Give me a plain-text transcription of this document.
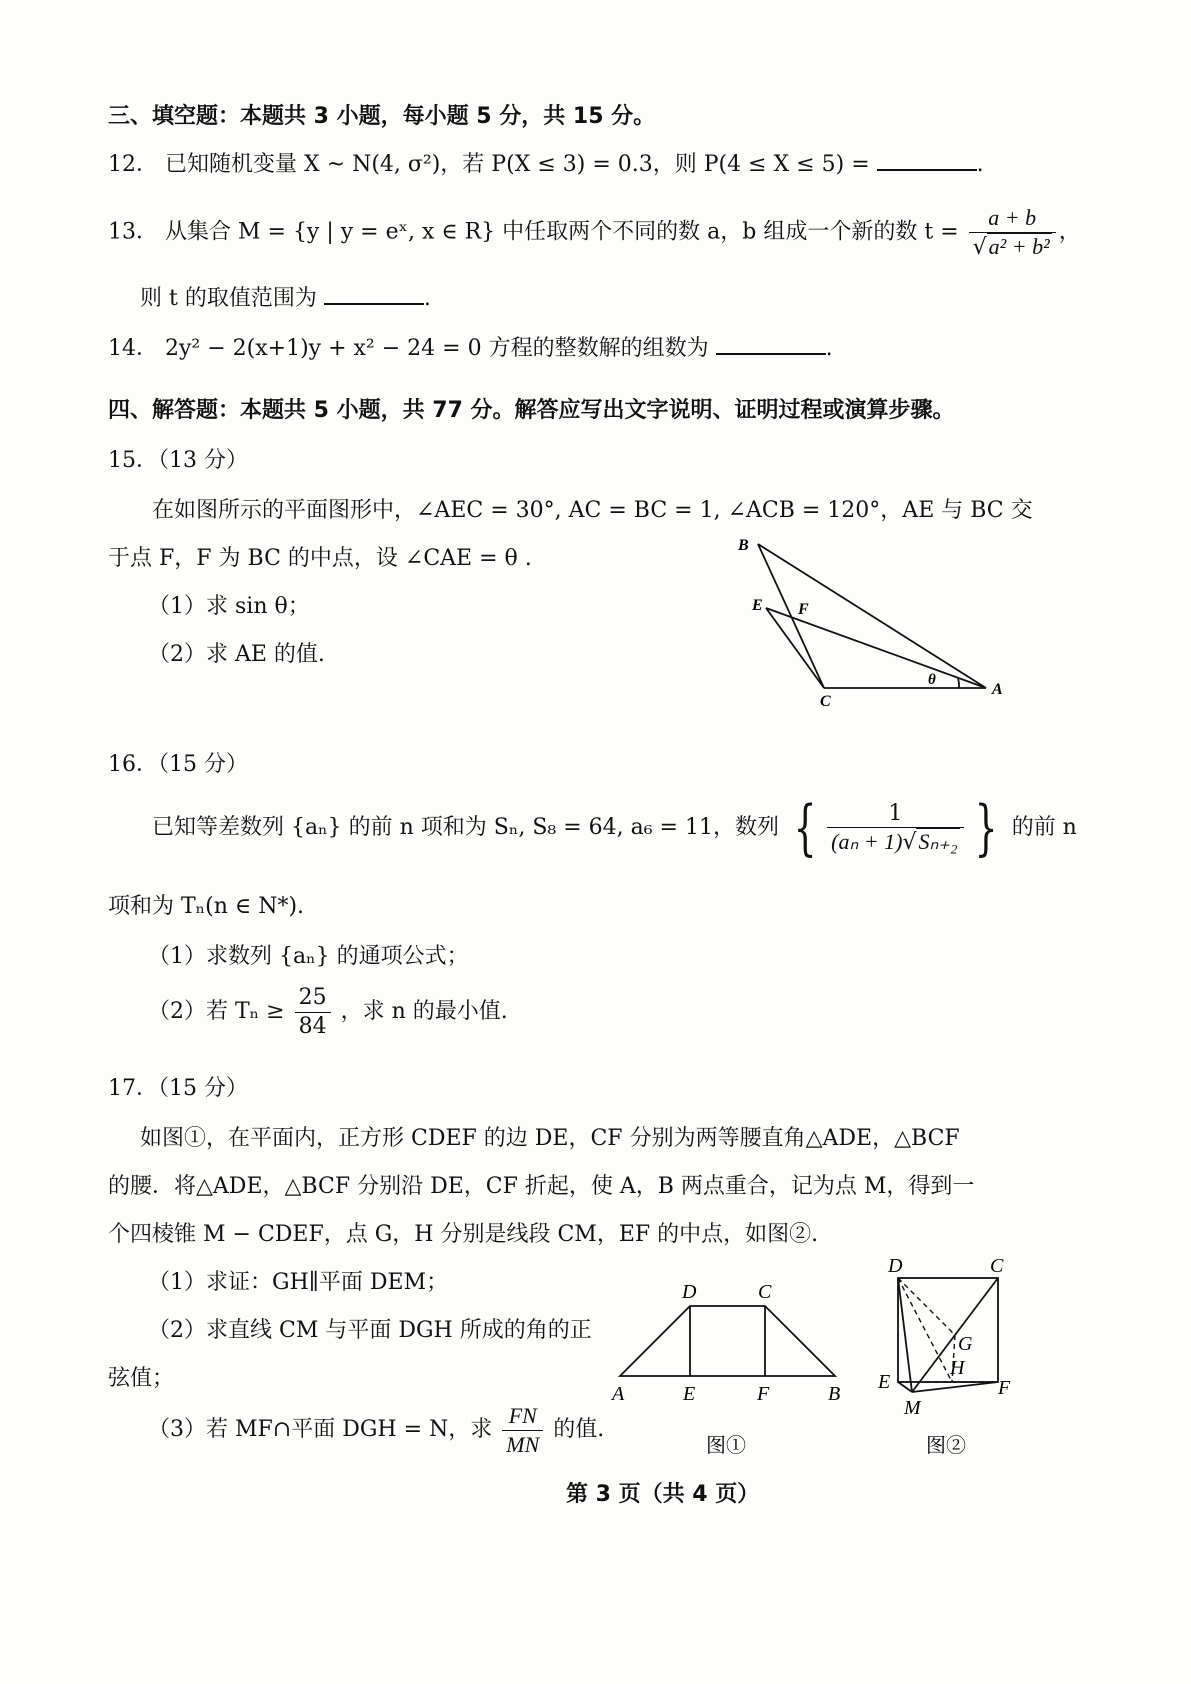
三、填空题：本题共 3 小题，每小题 5 分，共 15 分。
12． 已知随机变量 X ~ N(4, σ²)，若 P(X ≤ 3) = 0.3，则 P(4 ≤ X ≤ 5) =	.
13． 从集合 M = {y | y = eˣ, x ∈ R} 中任取两个不同的数 a，b 组成一个新的数 $t = \frac{a + b}{\text{√a² + b²}}$ ，
则 t 的取值范围为	.
14． 2y² − 2(x+1)y + x² − 24 = 0 方程的整数解的组数为	.
四、解答题：本题共 5 小题，共 77 分。解答应写出文字说明、证明过程或演算步骤。
15．（13 分）
在如图所示的平面图形中，∠AEC = 30°, AC = BC = 1, ∠ACB = 120°，AE 与 BC 交
于点 F，F 为 BC 的中点，设 ∠CAE = θ .
（1）求 sin θ；
（2）求 AE 的值.
B
E F
C
A
θ
16．（15 分）
已知等差数列 {aₙ} 的前 n 项和为 Sₙ, S₈ = 64, a₆ = 11，数列 { $\frac{1}{\text{(aₙ + 1)√Sₙ₊₂}}$ } 的前 n
项和为 Tₙ(n ∈ N*).
（1）求数列 {aₙ} 的通项公式；
（2）若 $T_n \ge \frac{25}{84}$ ，求 n 的最小值.
17．（15 分）
如图①，在平面内，正方形 CDEF 的边 DE，CF 分别为两等腰直角△ADE，△BCF
的腰．将△ADE，△BCF 分别沿 DE，CF 折起，使 A，B 两点重合，记为点 M，得到一
个四棱锥 M − CDEF，点 G，H 分别是线段 CM，EF 的中点，如图②.
（1）求证：GH∥平面 DEM；
（2）求直线 CM 与平面 DGH 所成的角的正
弦值；
（3）若 MF∩平面 DGH = N，求 $\frac{FN}{MN}$ 的值.
D	C
A	E	F	B
图①
D	C
G
H
E	F
M
图②
第 3 页（共 4 页）
